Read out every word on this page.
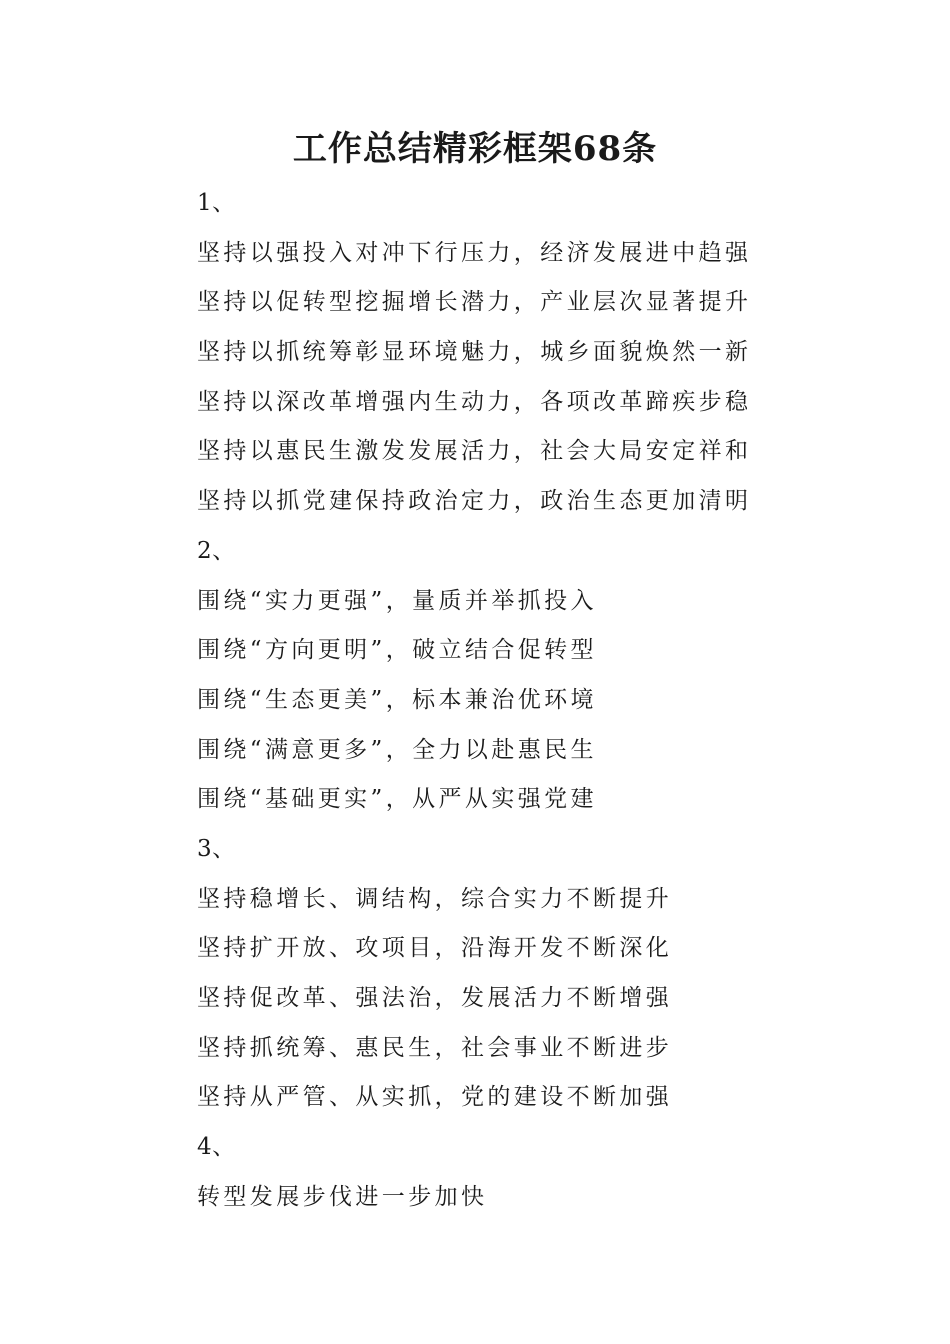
工作总结精彩框架68条
1、
坚持以强投入对冲下行压力，经济发展进中趋强
坚持以促转型挖掘增长潜力，产业层次显著提升
坚持以抓统筹彰显环境魅力，城乡面貌焕然一新
坚持以深改革增强内生动力，各项改革蹄疾步稳
坚持以惠民生激发发展活力，社会大局安定祥和
坚持以抓党建保持政治定力，政治生态更加清明
2、
围绕“实力更强”，量质并举抓投入
围绕“方向更明”，破立结合促转型
围绕“生态更美”，标本兼治优环境
围绕“满意更多”，全力以赴惠民生
围绕“基础更实”，从严从实强党建
3、
坚持稳增长、调结构，综合实力不断提升
坚持扩开放、攻项目，沿海开发不断深化
坚持促改革、强法治，发展活力不断增强
坚持抓统筹、惠民生，社会事业不断进步
坚持从严管、从实抓，党的建设不断加强
4、
转型发展步伐进一步加快
